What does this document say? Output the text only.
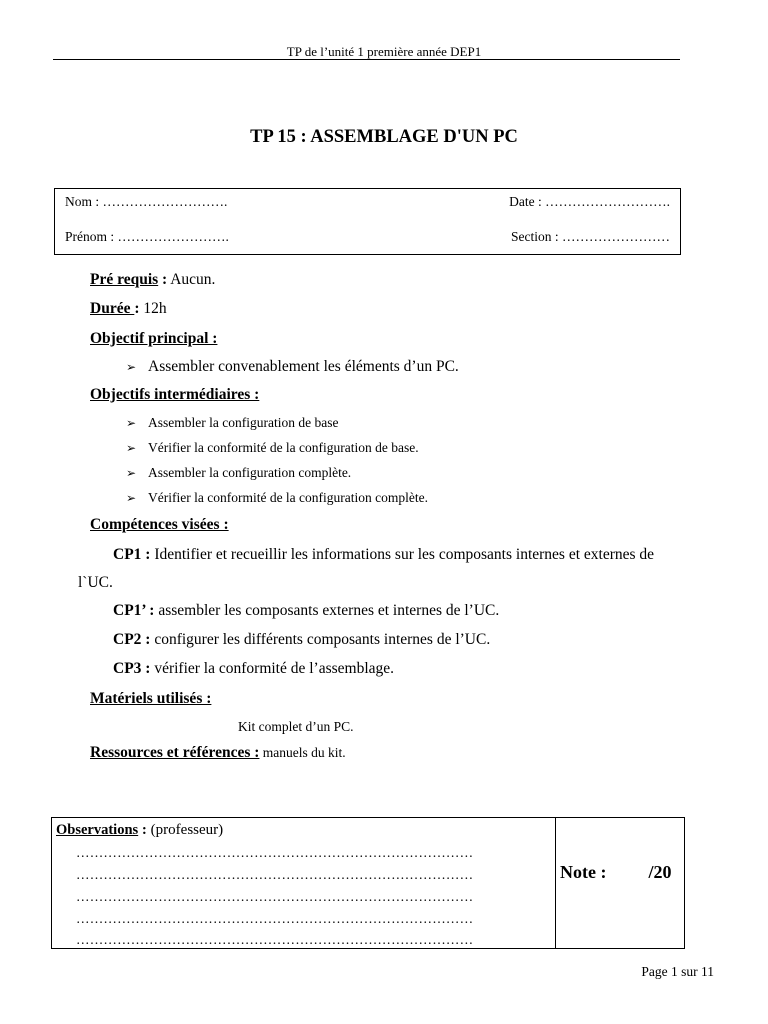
TP de l’unité 1 première année DEP1
TP 15 : ASSEMBLAGE D'UN PC
Nom : ……………………….	Date : ……………………….
Prénom : …………………….	Section : ……………………
Pré requis : Aucun.
Durée : 12h
Objectif principal :
➢ Assembler convenablement les éléments d’un PC.
Objectifs intermédiaires :
➢ Assembler la configuration de base
➢ Vérifier la conformité de la configuration de base.
➢ Assembler la configuration complète.
➢ Vérifier la conformité de la configuration complète.
Compétences visées :
CP1 : Identifier et recueillir les informations sur les composants internes et externes de
l`UC.
CP1’ : assembler les composants externes et internes de l’UC.
CP2 : configurer les différents composants internes de l’UC.
CP3 : vérifier la conformité de l’assemblage.
Matériels utilisés :
Kit complet d’un PC.
Ressources et références : manuels du kit.
Observations : (professeur)
……………………………………………………………………………
……………………………………………………………………………
……………………………………………………………………………
……………………………………………………………………………
……………………………………………………………………………
Note : /20
Page 1 sur 11
